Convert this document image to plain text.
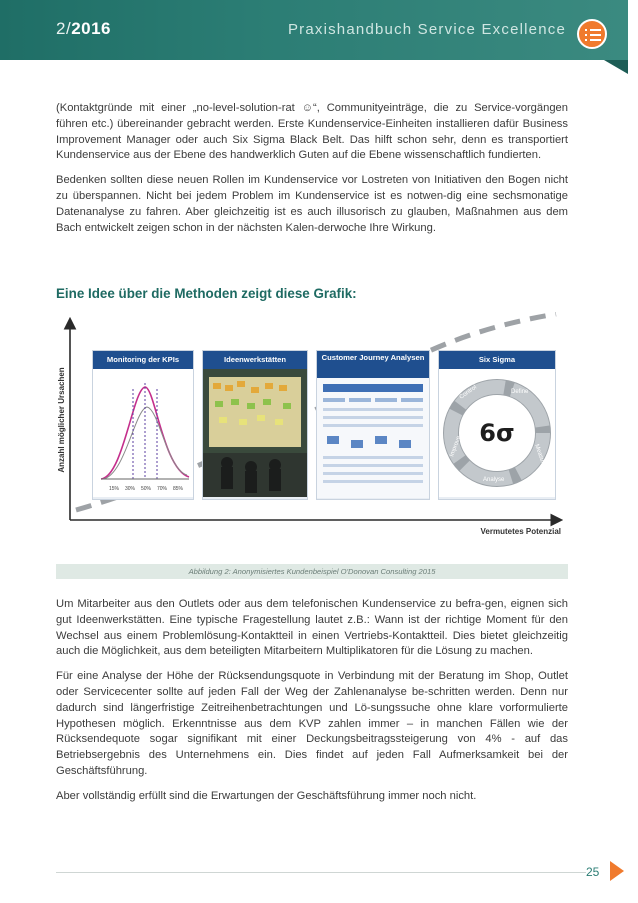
2/2016	Praxishandbuch Service Excellence

(Kontaktgründe mit einer „no-level-solution-rat ☺“, Communityeinträge, die zu Service-vorgängen führen etc.) übereinander gebracht werden. Erste Kundenservice-Einheiten installieren dafür Business Improvement Manager oder auch Six Sigma Black Belt. Das hilft schon sehr, denn es transportiert Kundenservice aus der Ebene des handwerklich Guten auf die Ebene wissenschaftlich fundierten.

Bedenken sollten diese neuen Rollen im Kundenservice vor Lostreten von Initiativen den Bogen nicht zu überspannen. Nicht bei jedem Problem im Kundenservice ist es notwen-dig eine sechsmonatige Datenanalyse zu fahren. Aber gleichzeitig ist es auch illusorisch zu glauben, Maßnahmen aus dem Bach entwickelt zeigen schon in der nächsten Kalen-derwoche Ihre Wirkung.

Eine Idee über die Methoden zeigt diese Grafik:
Anzahl möglicher Ursachen
Vermutetes Potenzial
Monitoring der KPIs
15% 30% 50% 70% 85%
Ideenwerkstätten	Customer Journey Analysen	Six Sigma
6σ
Define
Measure
Analyse
Improve
Control
Abbildung 2: Anonymisiertes Kundenbeispiel O'Donovan Consulting 2015

Um Mitarbeiter aus den Outlets oder aus dem telefonischen Kundenservice zu befra-gen, eignen sich gut Ideenwerkstätten. Eine typische Fragestellung lautet z.B.: Wann ist der richtige Moment für den Wechsel aus einem Problemlösung-Kontaktteil in einen Vertriebs-Kontaktteil. Dies bietet gleichzeitig auch die Möglichkeit, aus dem beteiligten Mitarbeitern Multiplikatoren für die Lösung zu machen.

Für eine Analyse der Höhe der Rücksendungsquote in Verbindung mit der Beratung im Shop, Outlet oder Servicecenter sollte auf jeden Fall der Weg der Zahlenanalyse be-schritten werden. Denn nur dadurch sind längerfristige Zeitreihenbetrachtungen und Lö-sungssuche ohne klare vorformulierte Hypothesen möglich. Erkenntnisse aus dem KVP zahlen immer – in manchen Fällen wie der Rücksendequote sogar signifikant mit einer Deckungsbeitragssteigerung von 4% - auf das Betriebsergebnis des Unternehmens ein. Dies findet auf jeden Fall Aufmerksamkeit bei der Geschäftsführung.

Aber vollständig erfüllt sind die Erwartungen der Geschäftsführung immer noch nicht.

25
